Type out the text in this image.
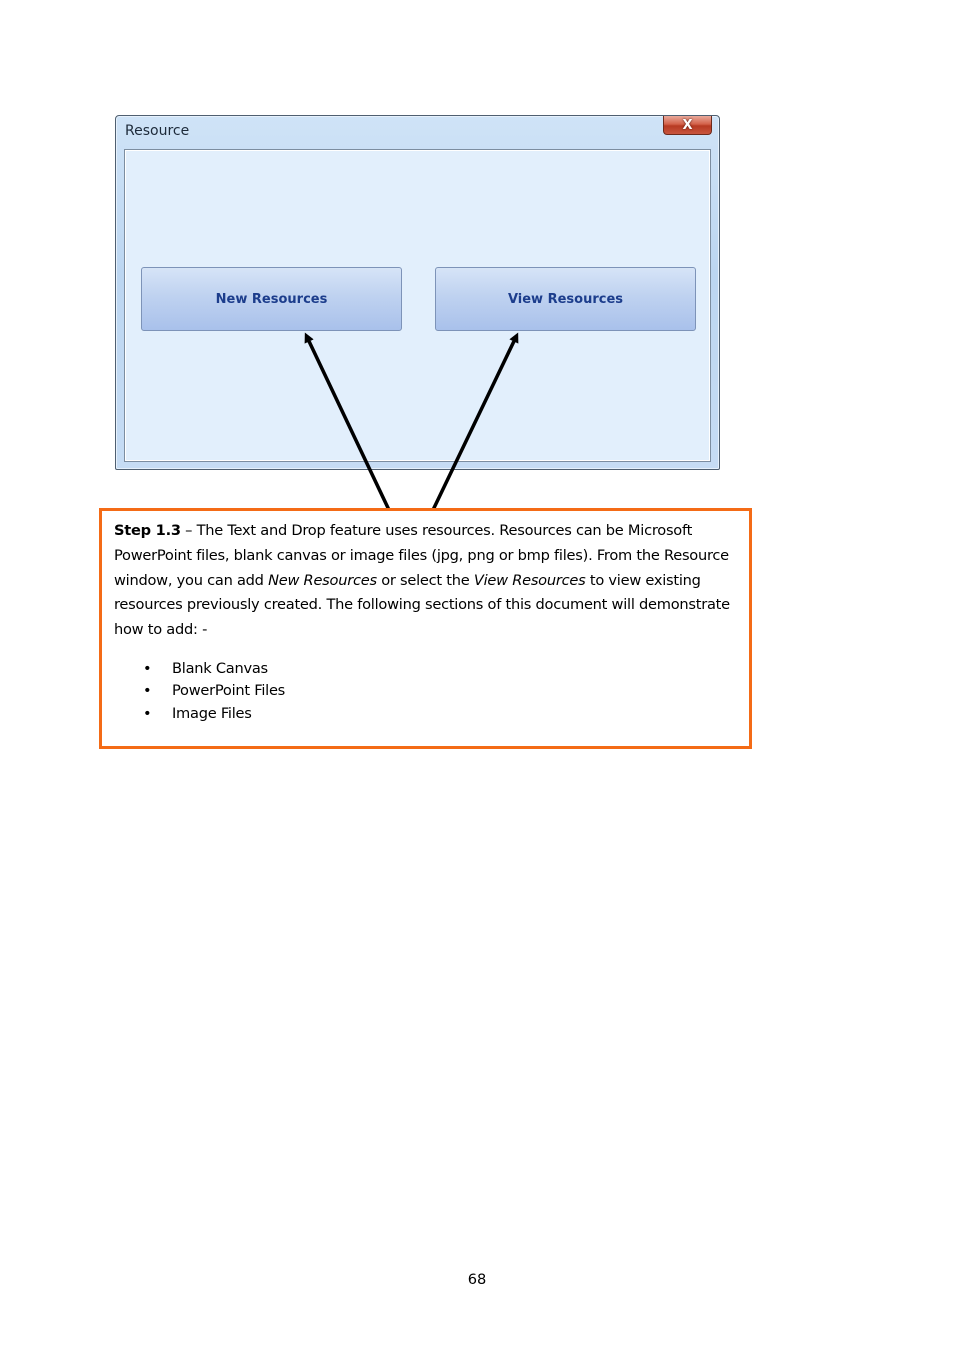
Resource	X
New Resources	View Resources

Step 1.3 – The Text and Drop feature uses resources. Resources can be Microsoft PowerPoint files, blank canvas or image files (jpg, png or bmp files). From the Resource window, you can add New Resources or select the View Resources to view existing resources previously created. The following sections of this document will demonstrate how to add: -

• Blank Canvas
• PowerPoint Files
• Image Files
68
